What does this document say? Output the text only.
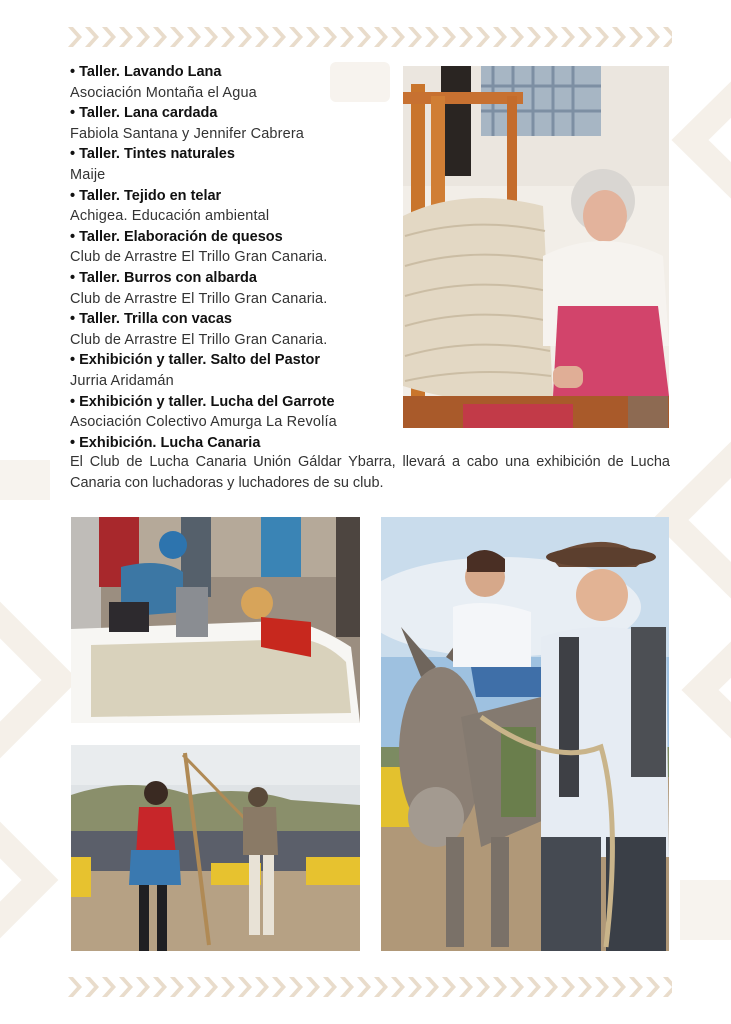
• Taller. Lavando Lana
Asociación Montaña el Agua
• Taller. Lana cardada
Fabiola Santana y Jennifer Cabrera
• Taller. Tintes naturales
Maije
• Taller. Tejido en telar
Achigea. Educación ambiental
• Taller. Elaboración de quesos
Club de Arrastre El Trillo Gran Canaria.
• Taller. Burros con albarda
Club de Arrastre El Trillo Gran Canaria.
• Taller. Trilla con vacas
Club de Arrastre El Trillo Gran Canaria.
• Exhibición y taller. Salto del Pastor
Jurria Aridamán
• Exhibición y taller. Lucha del Garrote
Asociación Colectivo Amurga La Revolía
• Exhibición. Lucha Canaria
El Club de Lucha Canaria Unión Gáldar Ybarra, llevará a cabo una exhibición de Lucha Canaria con luchadoras y luchadores de su club.
